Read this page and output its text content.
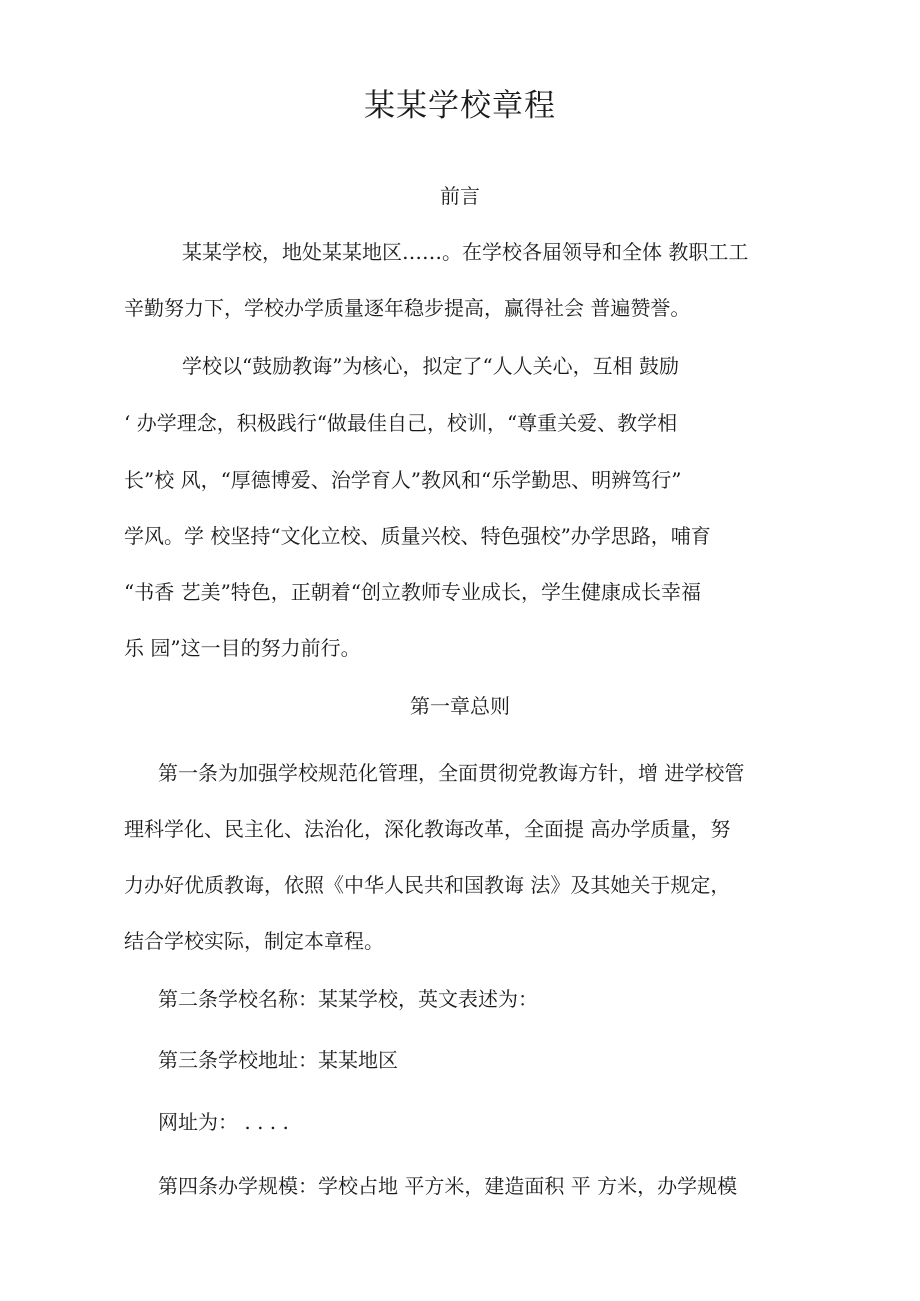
某某学校章程
前言
某某学校，地处某某地区……。在学校各届领导和全体 教职工工
辛勤努力下，学校办学质量逐年稳步提高，赢得社会 普遍赞誉。
学校以“鼓励教诲”为核心，拟定了“人人关心，互相 鼓励
‘ 办学理念，积极践行“做最佳自己，校训，“尊重关爱、教学相
长”校 风，“厚德博爱、治学育人”教风和“乐学勤思、明辨笃行”
学风。学 校坚持“文化立校、质量兴校、特色强校”办学思路，哺育
“书香 艺美”特色，正朝着“创立教师专业成长，学生健康成长幸福
乐 园”这一目的努力前行。
第一章总则
第一条为加强学校规范化管理，全面贯彻党教诲方针，增 进学校管
理科学化、民主化、法治化，深化教诲改革，全面提 高办学质量，努
力办好优质教诲，依照《中华人民共和国教诲 法》及其她关于规定，
结合学校实际，制定本章程。
第二条学校名称：某某学校，英文表述为：
第三条学校地址：某某地区
网址为： . . . .
第四条办学规模：学校占地 平方米，建造面积 平 方米，办学规模
